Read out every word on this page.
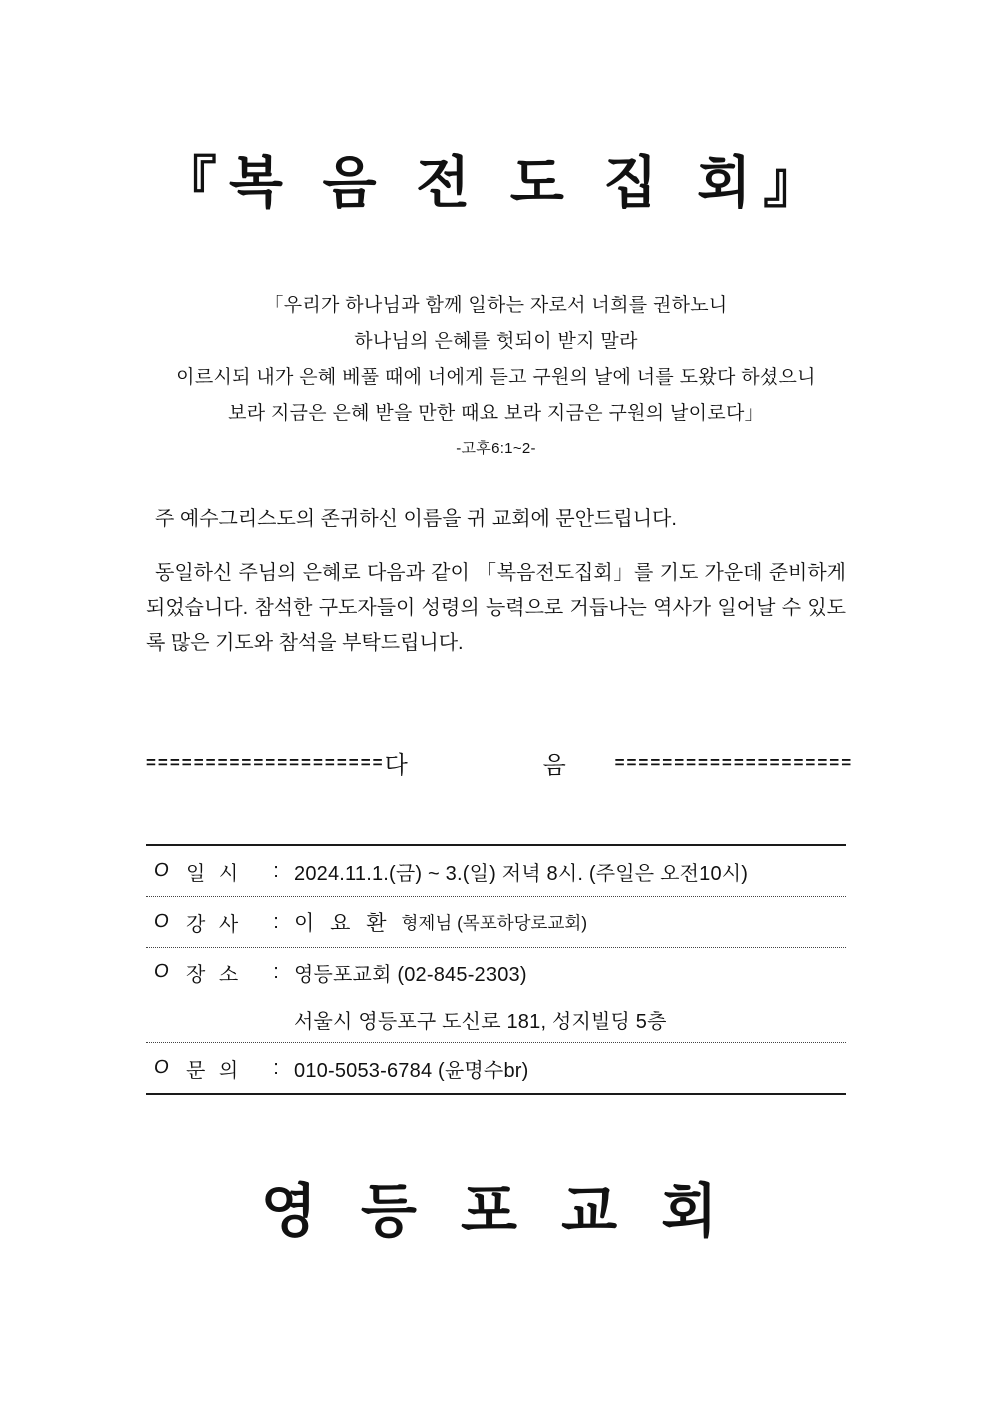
『복 음 전 도 집 회』
「우리가 하나님과 함께 일하는 자로서 너희를 권하노니
하나님의 은혜를 헛되이 받지 말라
이르시되 내가 은혜 베풀 때에 너에게 듣고 구원의 날에 너를 도왔다 하셨으니
보라 지금은 은혜 받을 만한 때요 보라 지금은 구원의 날이로다」
-고후6:1~2-

주 예수그리스도의 존귀하신 이름을 귀 교회에 문안드립니다.

동일하신 주님의 은혜로 다음과 같이 「복음전도집회」를 기도 가운데 준비하게 되었습니다. 참석한 구도자들이 성령의 능력으로 거듭나는 역사가 일어날 수 있도록 많은 기도와 참석을 부탁드립니다.

==================== 다	음	====================
O 일 시	: 2024.11.1.(금) ~ 3.(일) 저녁 8시. (주일은 오전10시)
O 강 사	: 이 요 환 형제님 (목포하당로교회)
O 장 소	: 영등포교회 (02-845-2303)
서울시 영등포구 도신로 181, 성지빌딩 5층
O 문 의	: 010-5053-6784 (윤명수br)
영 등 포 교 회
